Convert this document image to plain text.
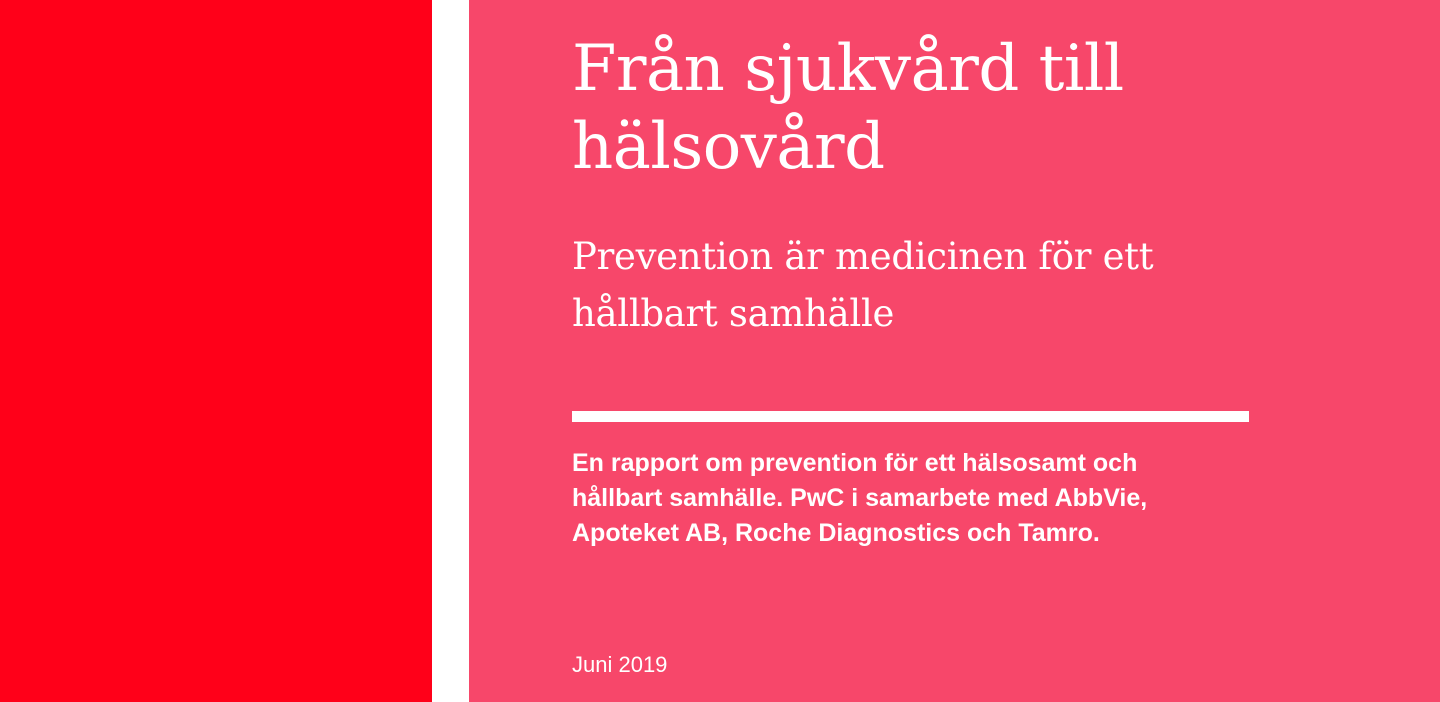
Från sjukvård till
hälsovård
Prevention är medicinen för ett
hållbart samhälle

En rapport om prevention för ett hälsosamt och
hållbart samhälle. PwC i samarbete med AbbVie,
Apoteket AB, Roche Diagnostics och Tamro.

Juni 2019
